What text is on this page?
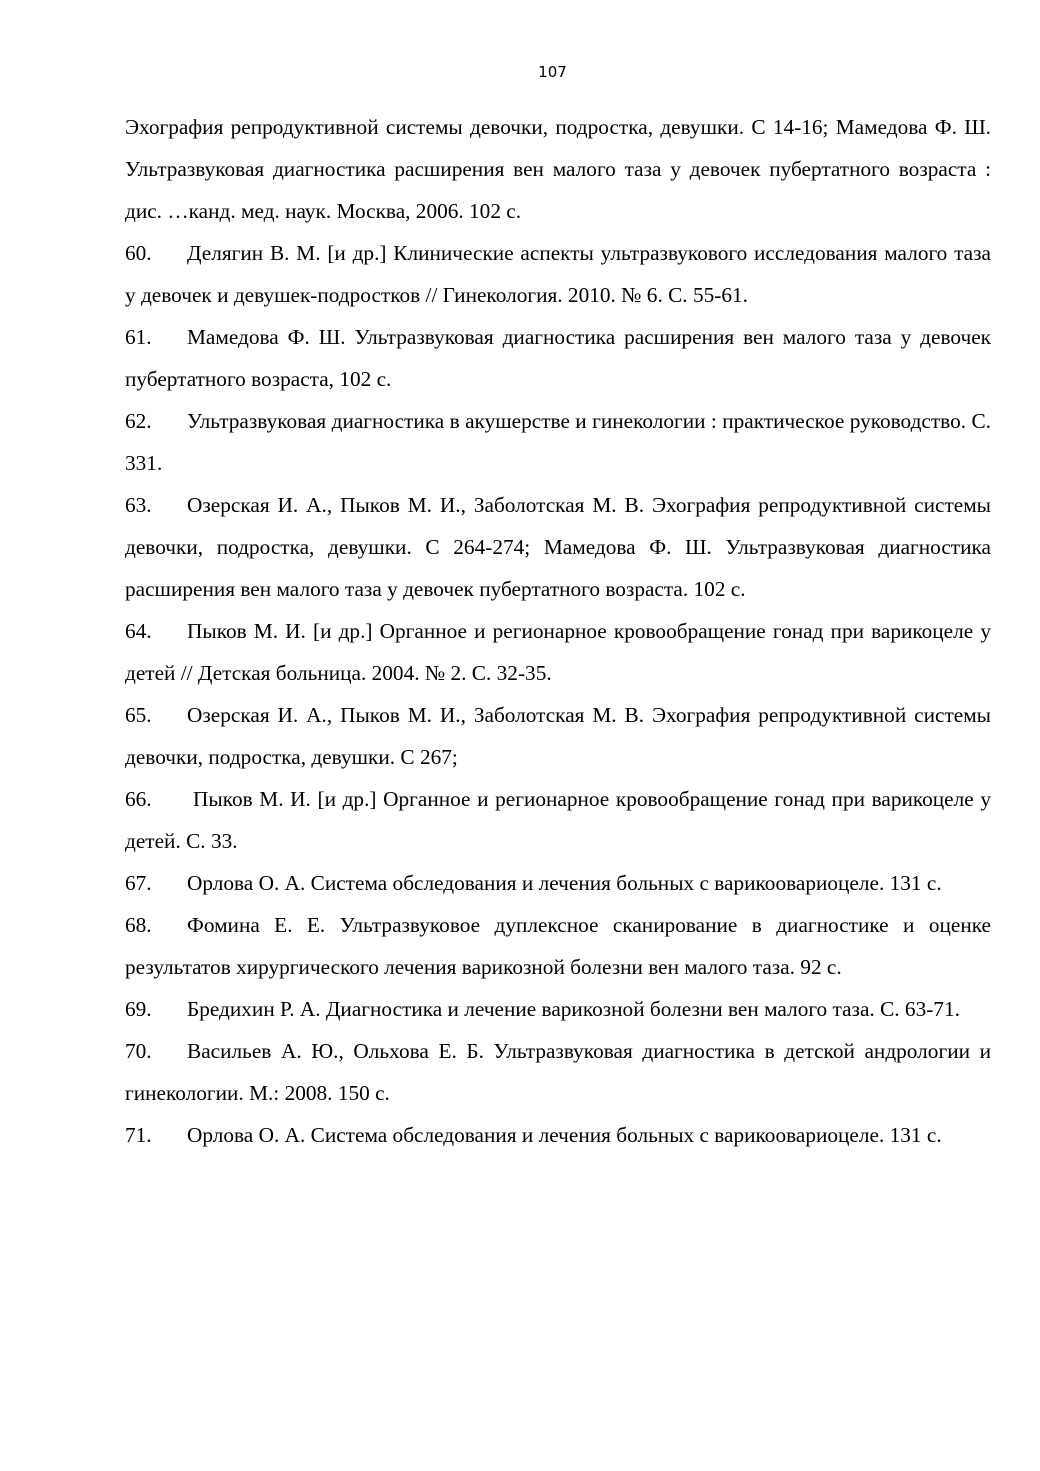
107

Эхография репродуктивной системы девочки, подростка, девушки. С 14-16; Мамедова Ф. Ш. Ультразвуковая диагностика расширения вен малого таза у девочек пубертатного возраста : дис. …канд. мед. наук. Москва, 2006. 102 с.

60. Делягин В. М. [и др.] Клинические аспекты ультразвукового исследования малого таза у девочек и девушек-подростков // Гинекология. 2010. № 6. С. 55-61.

61. Мамедова Ф. Ш. Ультразвуковая диагностика расширения вен малого таза у девочек пубертатного возраста, 102 с.

62. Ультразвуковая диагностика в акушерстве и гинекологии : практическое руководство. С. 331.

63. Озерская И. А., Пыков М. И., Заболотская М. В. Эхография репродуктивной системы девочки, подростка, девушки. С 264-274; Мамедова Ф. Ш. Ультразвуковая диагностика расширения вен малого таза у девочек пубертатного возраста. 102 с.

64. Пыков М. И. [и др.] Органное и регионарное кровообращение гонад при варикоцеле у детей // Детская больница. 2004. № 2. С. 32-35.

65. Озерская И. А., Пыков М. И., Заболотская М. В. Эхография репродуктивной системы девочки, подростка, девушки. С 267;

66. Пыков М. И. [и др.] Органное и регионарное кровообращение гонад при варикоцеле у детей. С. 33.

67. Орлова О. А. Система обследования и лечения больных с варикоовариоцеле. 131 с.

68. Фомина Е. Е. Ультразвуковое дуплексное сканирование в диагностике и оценке результатов хирургического лечения варикозной болезни вен малого таза. 92 с.

69. Бредихин Р. А. Диагностика и лечение варикозной болезни вен малого таза. С. 63-71.

70. Васильев А. Ю., Ольхова Е. Б. Ультразвуковая диагностика в детской андрологии и гинекологии. М.: 2008. 150 с.

71. Орлова О. А. Система обследования и лечения больных с варикоовариоцеле. 131 с.
